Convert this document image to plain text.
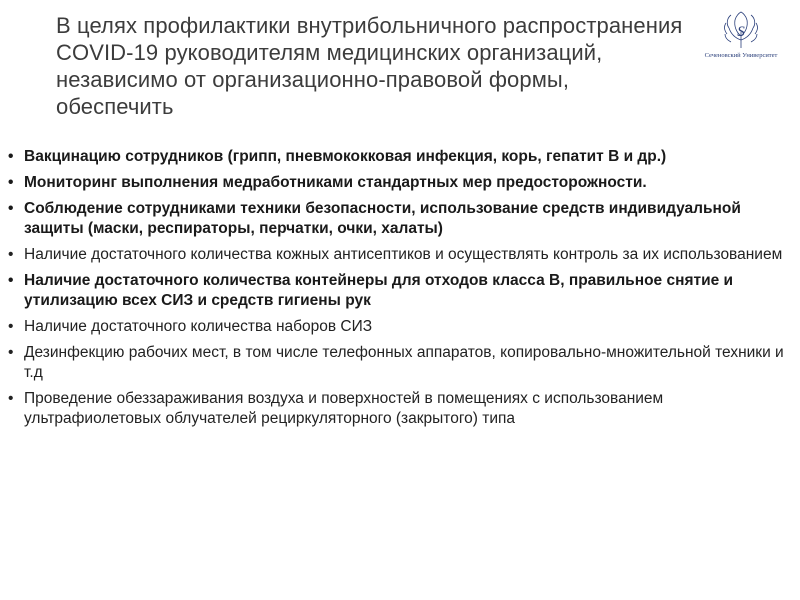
В целях профилактики внутрибольничного распространения COVID-19 руководителям медицинских организаций, независимо от организационно-правовой формы, обеспечить
S
Сеченовский Университет
• Вакцинацию сотрудников (грипп, пневмококковая инфекция, корь, гепатит В и др.)
• Мониторинг выполнения медработниками стандартных мер предосторожности.
• Соблюдение сотрудниками техники безопасности, использование средств индивидуальной защиты (маски, респираторы, перчатки, очки, халаты)
• Наличие достаточного количества кожных антисептиков и осуществлять контроль за их использованием
• Наличие достаточного количества контейнеры для отходов класса В, правильное снятие и утилизацию всех СИЗ и средств гигиены рук
• Наличие достаточного количества наборов СИЗ
• Дезинфекцию рабочих мест, в том числе телефонных аппаратов, копировально-множительной техники и т.д
• Проведение обеззараживания воздуха и поверхностей в помещениях с использованием ультрафиолетовых облучателей рециркуляторного (закрытого) типа
